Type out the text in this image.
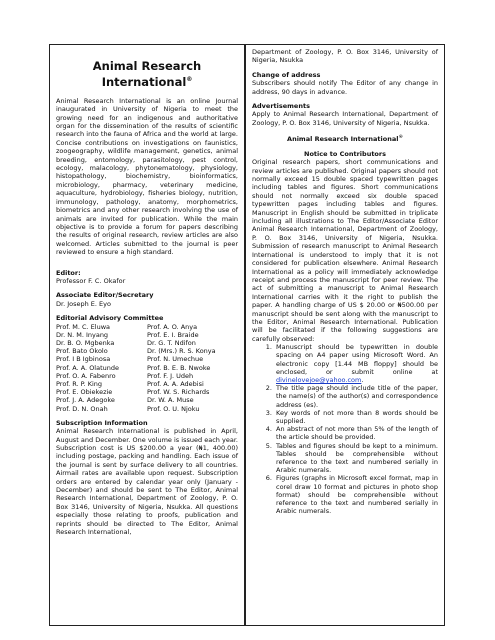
Animal Research
International®

Animal Research International is an online Journal inaugurated in University of Nigeria to meet the growing need for an indigenous and authoritative organ for the dissemination of the results of scientific research into the fauna of Africa and the world at large. Concise contributions on investigations on faunistics, zoogeography, wildlife management, genetics, animal breeding, entomology, parasitology, pest control, ecology, malacology, phytonematology, physiology, histopathology, biochemistry, bioinformatics, microbiology, pharmacy, veterinary medicine, aquaculture, hydrobiology, fisheries biology, nutrition, immunology, pathology, anatomy, morphometrics, biometrics and any other research involving the use of animals are invited for publication. While the main objective is to provide a forum for papers describing the results of original research, review articles are also welcomed. Articles submitted to the journal is peer reviewed to ensure a high standard.

Editor:

Professor F. C. Okafor

Associate Editor/Secretary

Dr. Joseph E. Eyo

Editorial Advisory Committee
Prof. M. C. Eluwa	Prof. A. O. Anya
Dr. N. M. Inyang	Prof. E. I. Braide
Dr. B. O. Mgbenka	Dr. G. T. Ndifon
Prof. Bato Okolo	Dr. (Mrs.) R. S. Konya
Prof. I B Igbinosa	Prof. N. Umechue
Prof. A. A. Olatunde	Prof. B. E. B. Nwoke
Prof. O. A. Fabenro	Prof. F. J. Udeh
Prof. R. P. King	Prof. A. A. Adebisi
Prof. E. Obiekezie	Prof. W. S. Richards
Prof. J. A. Adegoke	Dr. W. A. Muse
Prof. D. N. Onah	Prof. O. U. Njoku
Subscription Information

Animal Research International is published in April, August and December. One volume is issued each year. Subscription cost is US $200.00 a year (₦1, 400.00) including postage, packing and handling. Each issue of the journal is sent by surface delivery to all countries. Airmail rates are available upon request. Subscription orders are entered by calendar year only (January - December) and should be sent to The Editor, Animal Research International, Department of Zoology, P. O. Box 3146, University of Nigeria, Nsukka. All questions especially those relating to proofs, publication and reprints should be directed to The Editor, Animal Research International,

Department of Zoology, P. O. Box 3146, University of Nigeria, Nsukka

Change of address

Subscribers should notify The Editor of any change in address, 90 days in advance.

Advertisements

Apply to Animal Research International, Department of Zoology, P. O. Box 3146, University of Nigeria, Nsukka.

Animal Research International®
Notice to Contributors

Original research papers, short communications and review articles are published. Original papers should not normally exceed 15 double spaced typewritten pages including tables and figures. Short communications should not normally exceed six double spaced typewritten pages including tables and figures. Manuscript in English should be submitted in triplicate including all illustrations to The Editor/Associate Editor Animal Research International, Department of Zoology, P. O. Box 3146, University of Nigeria, Nsukka. Submission of research manuscript to Animal Research International is understood to imply that it is not considered for publication elsewhere. Animal Research International as a policy will immediately acknowledge receipt and process the manuscript for peer review. The act of submitting a manuscript to Animal Research International carries with it the right to publish the paper. A handling charge of US $ 20.00 or ₦500.00 per manuscript should be sent along with the manuscript to the Editor, Animal Research International. Publication will be facilitated if the following suggestions are carefully observed:

1. Manuscript should be typewritten in double spacing on A4 paper using Microsoft Word. An electronic copy [1.44 MB floppy] should be enclosed, or submit online at divinelovejoe@yahoo.com.
2. The title page should include title of the paper, the name(s) of the author(s) and correspondence address (es).
3. Key words of not more than 8 words should be supplied.
4. An abstract of not more than 5% of the length of the article should be provided.
5. Tables and figures should be kept to a minimum. Tables should be comprehensible without reference to the text and numbered serially in Arabic numerals.
6. Figures (graphs in Microsoft excel format, map in corel draw 10 format and pictures in photo shop format) should be comprehensible without reference to the text and numbered serially in Arabic numerals.
